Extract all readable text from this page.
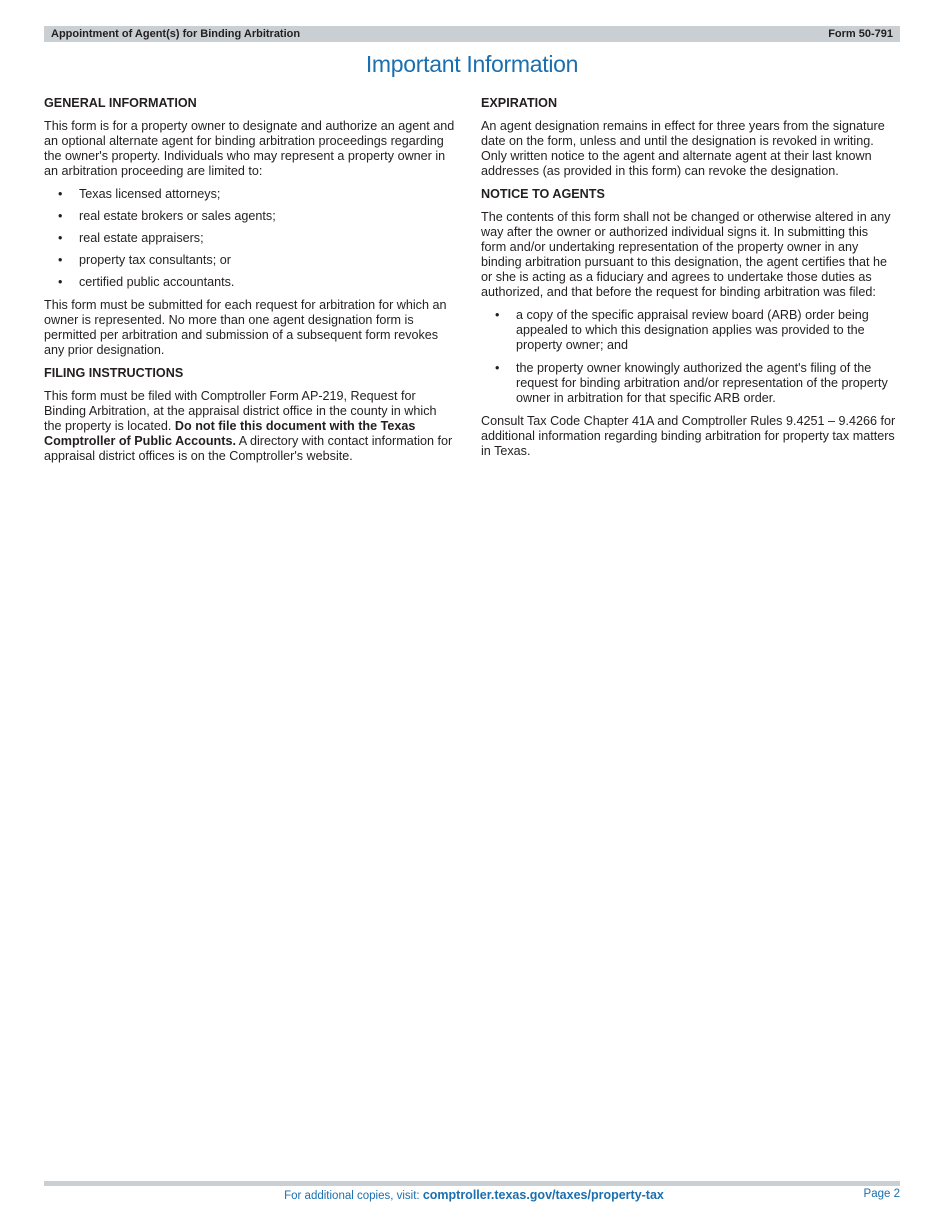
Appointment of Agent(s) for Binding Arbitration	Form 50-791
Important Information
GENERAL INFORMATION

This form is for a property owner to designate and authorize an agent and an optional alternate agent for binding arbitration proceedings regarding the owner's property. Individuals who may represent a property owner in an arbitration proceeding are limited to:

• Texas licensed attorneys;
• real estate brokers or sales agents;
• real estate appraisers;
• property tax consultants; or
• certified public accountants.

This form must be submitted for each request for arbitration for which an owner is represented. No more than one agent designation form is permitted per arbitration and submission of a subsequent form revokes any prior designation.

FILING INSTRUCTIONS

This form must be filed with Comptroller Form AP-219, Request for Binding Arbitration, at the appraisal district office in the county in which the property is located. Do not file this document with the Texas Comptroller of Public Accounts. A directory with contact information for appraisal district offices is on the Comptroller's website.

EXPIRATION

An agent designation remains in effect for three years from the signature date on the form, unless and until the designation is revoked in writing. Only written notice to the agent and alternate agent at their last known addresses (as provided in this form) can revoke the designation.

NOTICE TO AGENTS

The contents of this form shall not be changed or otherwise altered in any way after the owner or authorized individual signs it. In submitting this form and/or undertaking representation of the property owner in any binding arbitration pursuant to this designation, the agent certifies that he or she is acting as a fiduciary and agrees to undertake those duties as authorized, and that before the request for binding arbitration was filed:

• a copy of the specific appraisal review board (ARB) order being appealed to which this designation applies was provided to the property owner; and
• the property owner knowingly authorized the agent's filing of the request for binding arbitration and/or representation of the property owner in arbitration for that specific ARB order.

Consult Tax Code Chapter 41A and Comptroller Rules 9.4251 – 9.4266 for additional information regarding binding arbitration for property tax matters in Texas.

For additional copies, visit: comptroller.texas.gov/taxes/property-tax	Page 2
